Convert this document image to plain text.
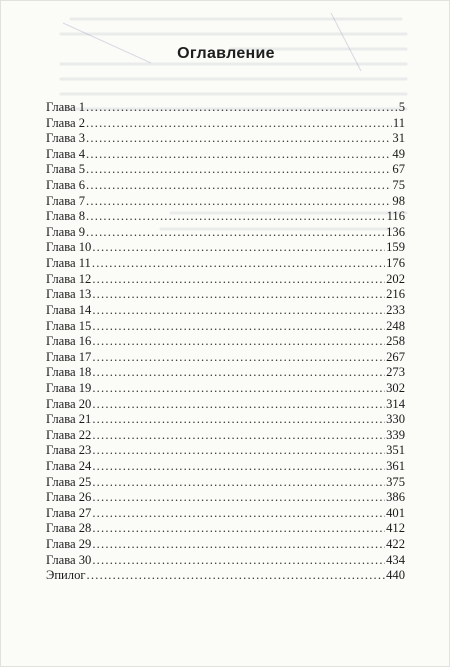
Оглавление
Глава 1 .....	5
Глава 2 .....	11
Глава 3 .....	31
Глава 4 .....	49
Глава 5 .....	67
Глава 6 .....	75
Глава 7 .....	98
Глава 8 .....	116
Глава 9 .....	136
Глава 10 .....	159
Глава 11 .....	176
Глава 12 .....	202
Глава 13 .....	216
Глава 14 .....	233
Глава 15 .....	248
Глава 16 .....	258
Глава 17 .....	267
Глава 18 .....	273
Глава 19 .....	302
Глава 20 .....	314
Глава 21 .....	330
Глава 22 .....	339
Глава 23 .....	351
Глава 24 .....	361
Глава 25 .....	375
Глава 26 .....	386
Глава 27 .....	401
Глава 28 .....	412
Глава 29 .....	422
Глава 30 .....	434
Эпилог .....	440
